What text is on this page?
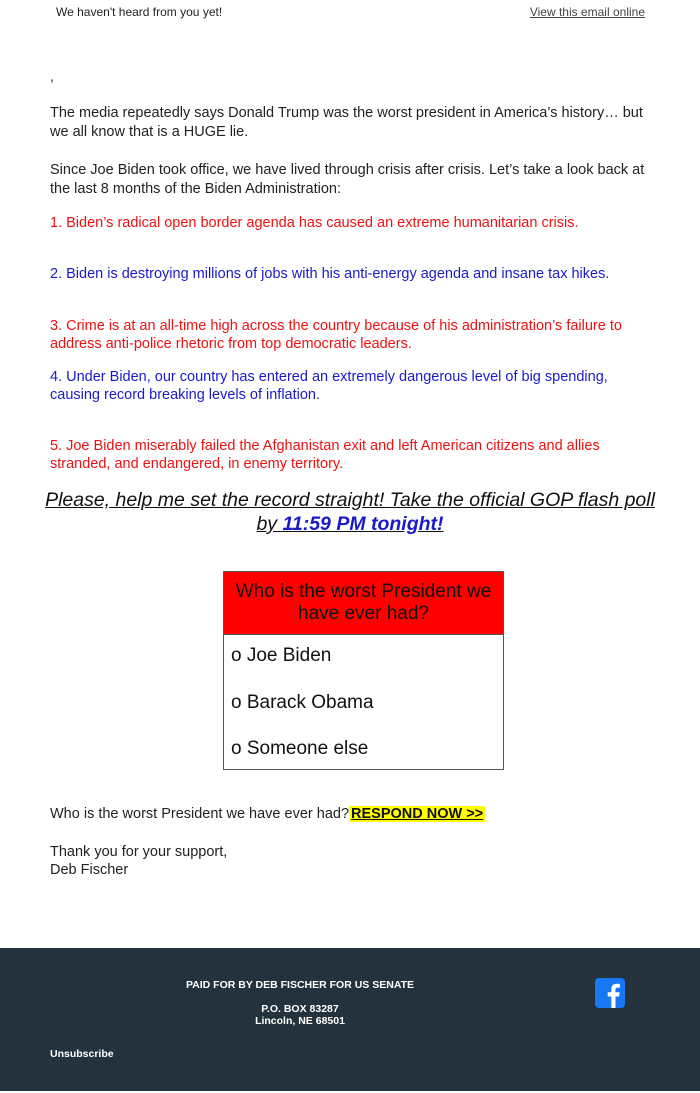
We haven't heard from you yet!	View this email online
,

The media repeatedly says Donald Trump was the worst president in America’s history… but we all know that is a HUGE lie.

Since Joe Biden took office, we have lived through crisis after crisis. Let’s take a look back at the last 8 months of the Biden Administration:

1. Biden’s radical open border agenda has caused an extreme humanitarian crisis.

2. Biden is destroying millions of jobs with his anti-energy agenda and insane tax hikes.

3. Crime is at an all-time high across the country because of his administration’s failure to address anti-police rhetoric from top democratic leaders.

4. Under Biden, our country has entered an extremely dangerous level of big spending, causing record breaking levels of inflation.

5. Joe Biden miserably failed the Afghanistan exit and left American citizens and allies stranded, and endangered, in enemy territory.

Please, help me set the record straight! Take the official GOP flash poll by 11:59 PM tonight!
Who is the worst President we have ever had?
o Joe Biden
o Barack Obama
o Someone else
Who is the worst President we have ever had? RESPOND NOW >>
Thank you for your support,
Deb Fischer
PAID FOR BY DEB FISCHER FOR US SENATE
P.O. BOX 83287
Lincoln, NE 68501
Unsubscribe
